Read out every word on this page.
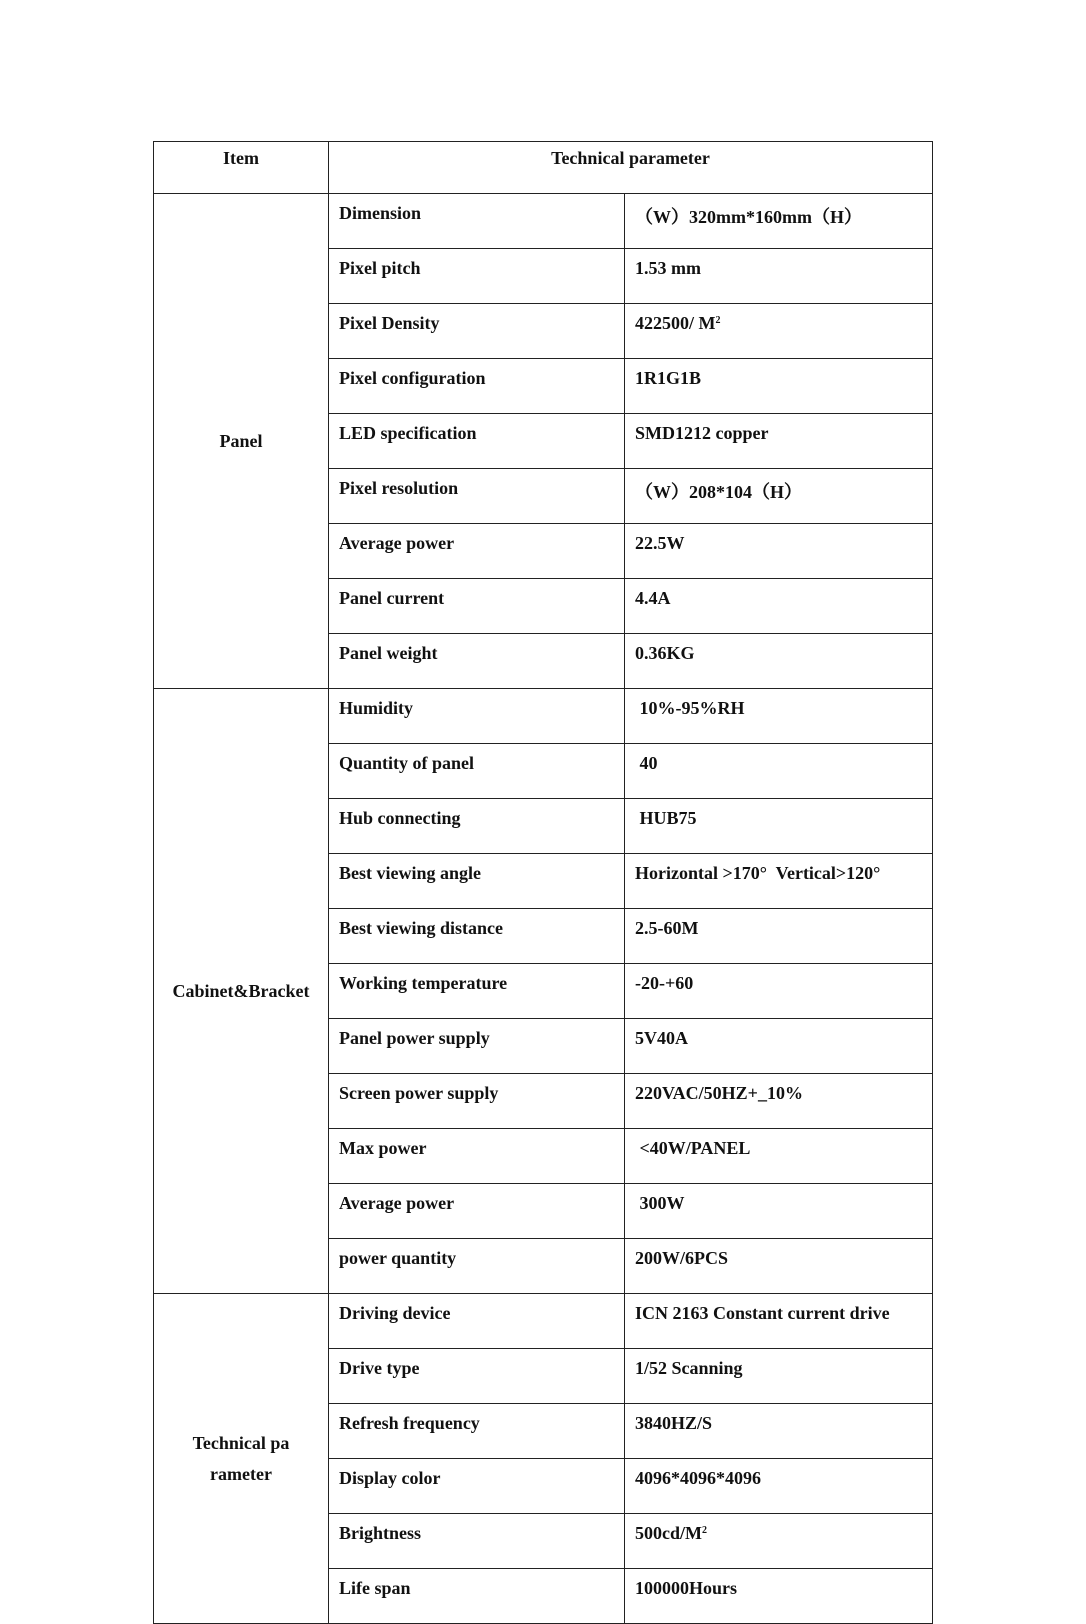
Item	Technical parameter	
Panel	Dimension	（W）320mm*160mm（H）
	Pixel pitch	1.53 mm
	Pixel Density	422500/ $M^2$
	Pixel configuration	1R1G1B
	LED specification	SMD1212 copper
	Pixel resolution	（W）208*104（H）
	Average power	22.5W
	Panel current	4.4A
	Panel weight	0.36KG
Cabinet&Bracket	Humidity	10%-95%RH
	Quantity of panel	40
	Hub connecting	HUB75
	Best viewing angle	Horizontal >170°  Vertical>120°
	Best viewing distance	2.5-60M
	Working temperature	-20-+60
	Panel power supply	5V40A
	Screen power supply	220VAC/50HZ+_10%
	Max power	<40W/PANEL
	Average power	300W
	power quantity	200W/6PCS
Technical parameter	Driving device	ICN 2163 Constant current drive
	Drive type	1/52 Scanning
	Refresh frequency	3840HZ/S
	Display color	4096*4096*4096
	Brightness	$500cd/M^2$
	Life span	100000Hours
